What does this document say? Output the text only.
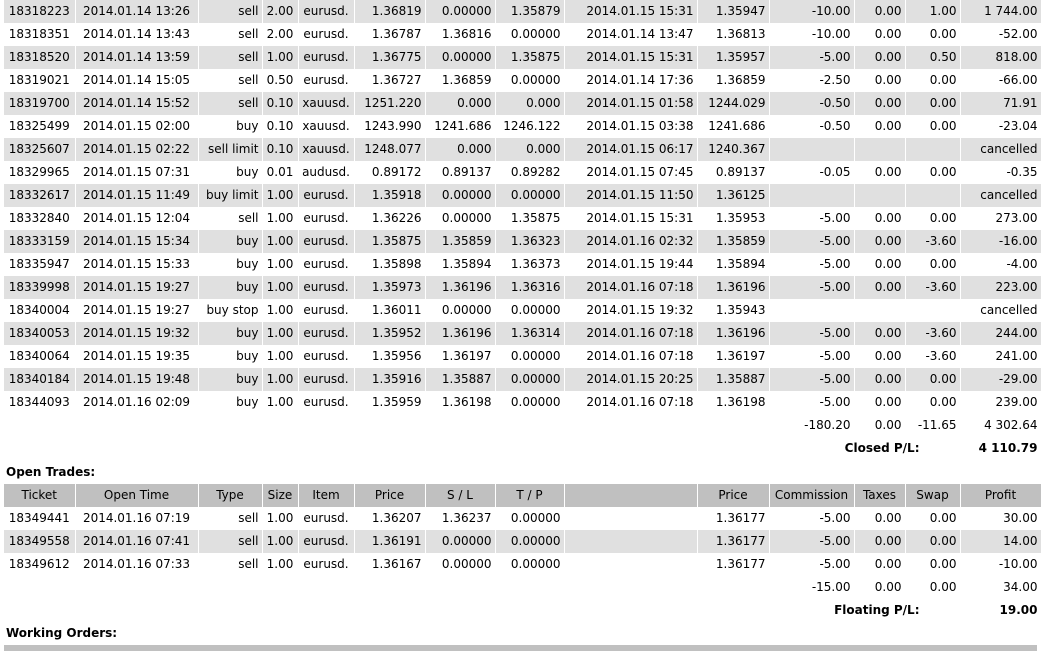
18318223	2014.01.14 13:26	sell	2.00	eurusd.	1.36819	0.00000	1.35879	2014.01.15 15:31	1.35947	-10.00	0.00	1.00	1 744.00
18318351	2014.01.14 13:43	sell	2.00	eurusd.	1.36787	1.36816	0.00000	2014.01.14 13:47	1.36813	-10.00	0.00	0.00	-52.00
18318520	2014.01.14 13:59	sell	1.00	eurusd.	1.36775	0.00000	1.35875	2014.01.15 15:31	1.35957	-5.00	0.00	0.50	818.00
18319021	2014.01.14 15:05	sell	0.50	eurusd.	1.36727	1.36859	0.00000	2014.01.14 17:36	1.36859	-2.50	0.00	0.00	-66.00
18319700	2014.01.14 15:52	sell	0.10	xauusd.	1251.220	0.000	0.000	2014.01.15 01:58	1244.029	-0.50	0.00	0.00	71.91
18325499	2014.01.15 02:00	buy	0.10	xauusd.	1243.990	1241.686	1246.122	2014.01.15 03:38	1241.686	-0.50	0.00	0.00	-23.04
18325607	2014.01.15 02:22	sell limit	0.10	xauusd.	1248.077	0.000	0.000	2014.01.15 06:17	1240.367				cancelled
18329965	2014.01.15 07:31	buy	0.01	audusd.	0.89172	0.89137	0.89282	2014.01.15 07:45	0.89137	-0.05	0.00	0.00	-0.35
18332617	2014.01.15 11:49	buy limit	1.00	eurusd.	1.35918	0.00000	0.00000	2014.01.15 11:50	1.36125				cancelled
18332840	2014.01.15 12:04	sell	1.00	eurusd.	1.36226	0.00000	1.35875	2014.01.15 15:31	1.35953	-5.00	0.00	0.00	273.00
18333159	2014.01.15 15:34	buy	1.00	eurusd.	1.35875	1.35859	1.36323	2014.01.16 02:32	1.35859	-5.00	0.00	-3.60	-16.00
18335947	2014.01.15 15:33	buy	1.00	eurusd.	1.35898	1.35894	1.36373	2014.01.15 19:44	1.35894	-5.00	0.00	0.00	-4.00
18339998	2014.01.15 19:27	buy	1.00	eurusd.	1.35973	1.36196	1.36316	2014.01.16 07:18	1.36196	-5.00	0.00	-3.60	223.00
18340004	2014.01.15 19:27	buy stop	1.00	eurusd.	1.36011	0.00000	0.00000	2014.01.15 19:32	1.35943				cancelled
18340053	2014.01.15 19:32	buy	1.00	eurusd.	1.35952	1.36196	1.36314	2014.01.16 07:18	1.36196	-5.00	0.00	-3.60	244.00
18340064	2014.01.15 19:35	buy	1.00	eurusd.	1.35956	1.36197	0.00000	2014.01.16 07:18	1.36197	-5.00	0.00	-3.60	241.00
18340184	2014.01.15 19:48	buy	1.00	eurusd.	1.35916	1.35887	0.00000	2014.01.15 20:25	1.35887	-5.00	0.00	0.00	-29.00
18344093	2014.01.16 02:09	buy	1.00	eurusd.	1.35959	1.36198	0.00000	2014.01.16 07:18	1.36198	-5.00	0.00	0.00	239.00
										-180.20	0.00	-11.65	4 302.64
										Closed P/L:			4 110.79
Open Trades:
Ticket	Open Time	Type	Size	Item	Price	S / L	T / P		Price	Commission	Taxes	Swap	Profit
18349441	2014.01.16 07:19	sell	1.00	eurusd.	1.36207	1.36237	0.00000		1.36177	-5.00	0.00	0.00	30.00
18349558	2014.01.16 07:41	sell	1.00	eurusd.	1.36191	0.00000	0.00000		1.36177	-5.00	0.00	0.00	14.00
18349612	2014.01.16 07:33	sell	1.00	eurusd.	1.36167	0.00000	0.00000		1.36177	-5.00	0.00	0.00	-10.00
										-15.00	0.00	0.00	34.00
										Floating P/L:			19.00
Working Orders:
